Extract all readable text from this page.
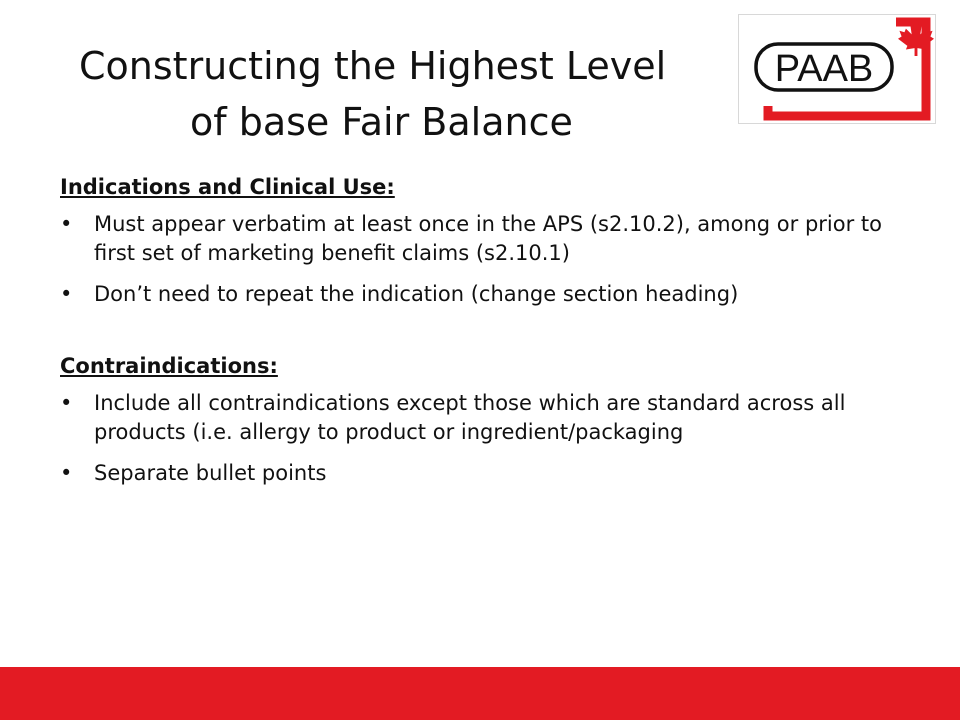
Constructing the Highest Level
of base Fair Balance
PAAB
Indications and Clinical Use:
• Must appear verbatim at least once in the APS (s2.10.2), among or prior to first set of marketing benefit claims (s2.10.1)
• Don’t need to repeat the indication (change section heading)
Contraindications:
• Include all contraindications except those which are standard across all products (i.e. allergy to product or ingredient/packaging
• Separate bullet points
